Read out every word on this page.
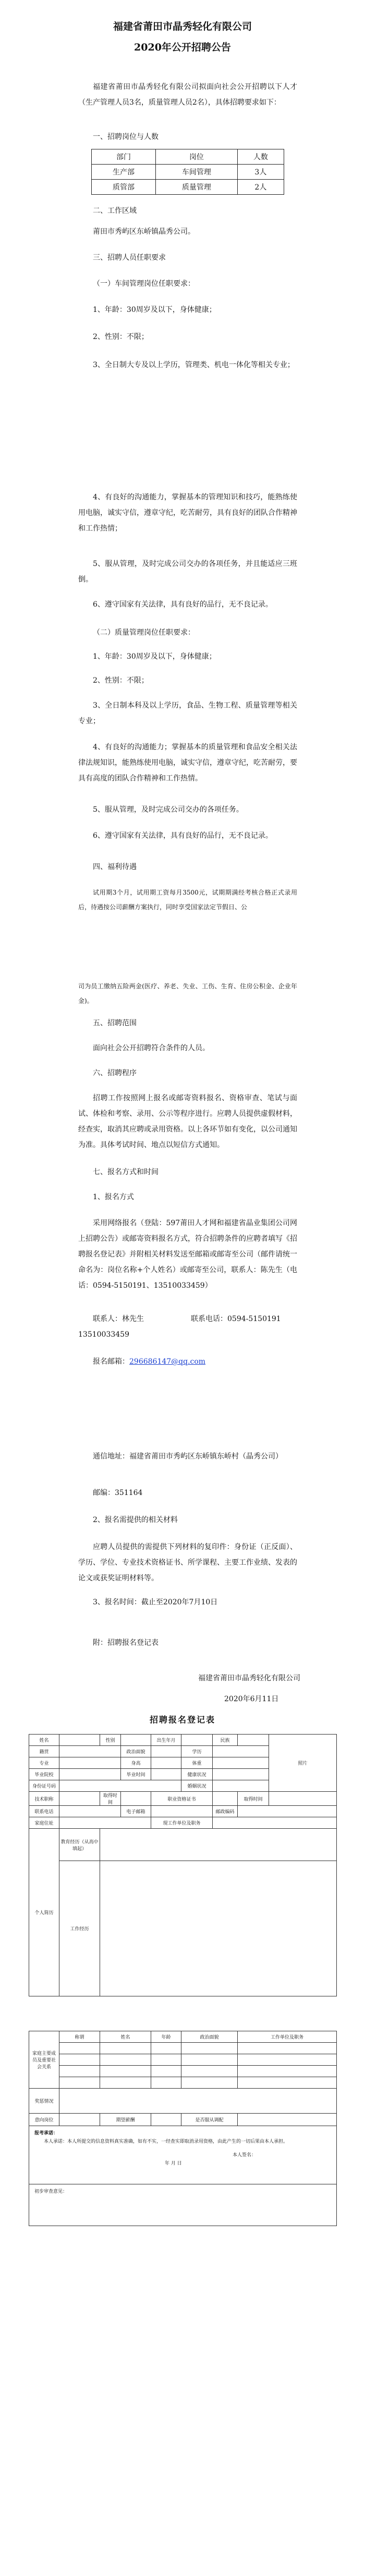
福建省莆田市晶秀轻化有限公司
2020年公开招聘公告
福建省莆田市晶秀轻化有限公司拟面向社会公开招聘以下人才（生产管理人员3名，质量管理人员2名），具体招聘要求如下：
一、招聘岗位与人数
部门	岗位	人数
生产部	车间管理	3人
质管部	质量管理	2人
二、工作区域
莆田市秀屿区东峤镇晶秀公司。
三、招聘人员任职要求
（一）车间管理岗位任职要求：
1、年龄：30周岁及以下，身体健康；
2、性别：不限；
3、全日制大专及以上学历，管理类、机电一体化等相关专业；
4、有良好的沟通能力，掌握基本的管理知识和技巧，能熟练使用电脑，诚实守信，遵章守纪，吃苦耐劳，具有良好的团队合作精神和工作热情；
5、服从管理，及时完成公司交办的各项任务，并且能适应三班倒。
6、遵守国家有关法律，具有良好的品行，无不良记录。
（二）质量管理岗位任职要求：
1、年龄：30周岁及以下，身体健康；
2、性别：不限；
3、全日制本科及以上学历，食品、生物工程、质量管理等相关专业；
4、有良好的沟通能力；掌握基本的质量管理和食品安全相关法律法规知识，能熟练使用电脑，诚实守信，遵章守纪，吃苦耐劳，要具有高度的团队合作精神和工作热情。
5、服从管理，及时完成公司交办的各项任务。
6、遵守国家有关法律，具有良好的品行，无不良记录。
四、福利待遇
试用期3个月，试用期工资每月3500元，试期期满经考核合格正式录用后，待遇按公司薪酬方案执行，同时享受国家法定节假日、公
司为员工缴纳五险两金(医疗、养老、失业、工伤、生育、住房公积金、企业年金)。
五、招聘范围
面向社会公开招聘符合条件的人员。
六、招聘程序
招聘工作按照网上报名或邮寄资料报名、资格审查、笔试与面试、体检和考察、录用、公示等程序进行。应聘人员提供虚假材料，经查实，取消其应聘或录用资格。以上各环节如有变化，以公司通知为准。具体考试时间、地点以短信方式通知。
七、报名方式和时间
1、报名方式
采用网络报名（登陆：597莆田人才网和福建省晶业集团公司网上招聘公告）或邮寄资料报名方式，符合招聘条件的应聘者填写《招聘报名登记表》并附相关材料发送至邮箱或邮寄至公司（邮件请统一命名为：岗位名称+个人姓名）或邮寄至公司，联系人：陈先生（电话：0594-5150191、13510033459）
联系人：林先生	联系电话：0594-5150191
13510033459
报名邮箱：296686147@qq.com
通信地址：福建省莆田市秀屿区东峤镇东峤村（晶秀公司）
邮编：351164
2、报名需提供的相关材料
应聘人员提供的需提供下列材料的复印件：身份证（正反面）、学历、学位、专业技术资格证书、所学课程、主要工作业绩、发表的论文或获奖证明材料等。
3、报名时间：截止至2020年7月10日
附：招聘报名登记表
福建省莆田市晶秀轻化有限公司
2020年6月11日
招聘报名登记表
姓名		性别		出生年月		民族		照片
籍贯			政治面貌		学历			
专业			身高		体重			
毕业院校			毕业时间		健康状况			
身份证号码					婚姻状况			
技术职称		取得时间		职业资格证书			取得时间	
联系电话			电子邮箱			邮政编码		
家庭住址				现工作单位及职务				
个人简历	教育经历（从高中填起）							
	工作经历							
家庭主要成员及重要社会关系	称谓	姓名	年龄	政治面貌	工作单位及职务

奖惩情况					
意向岗位		期望薪酬		是否服从调配	

报考承诺：
本人承诺：本人所提交的信息资料真实准确，如有不实，一经查实即取消录用资格，由此产生的一切后果由本人承担。
本人签名：
年 月 日					

初步审查意见：					
